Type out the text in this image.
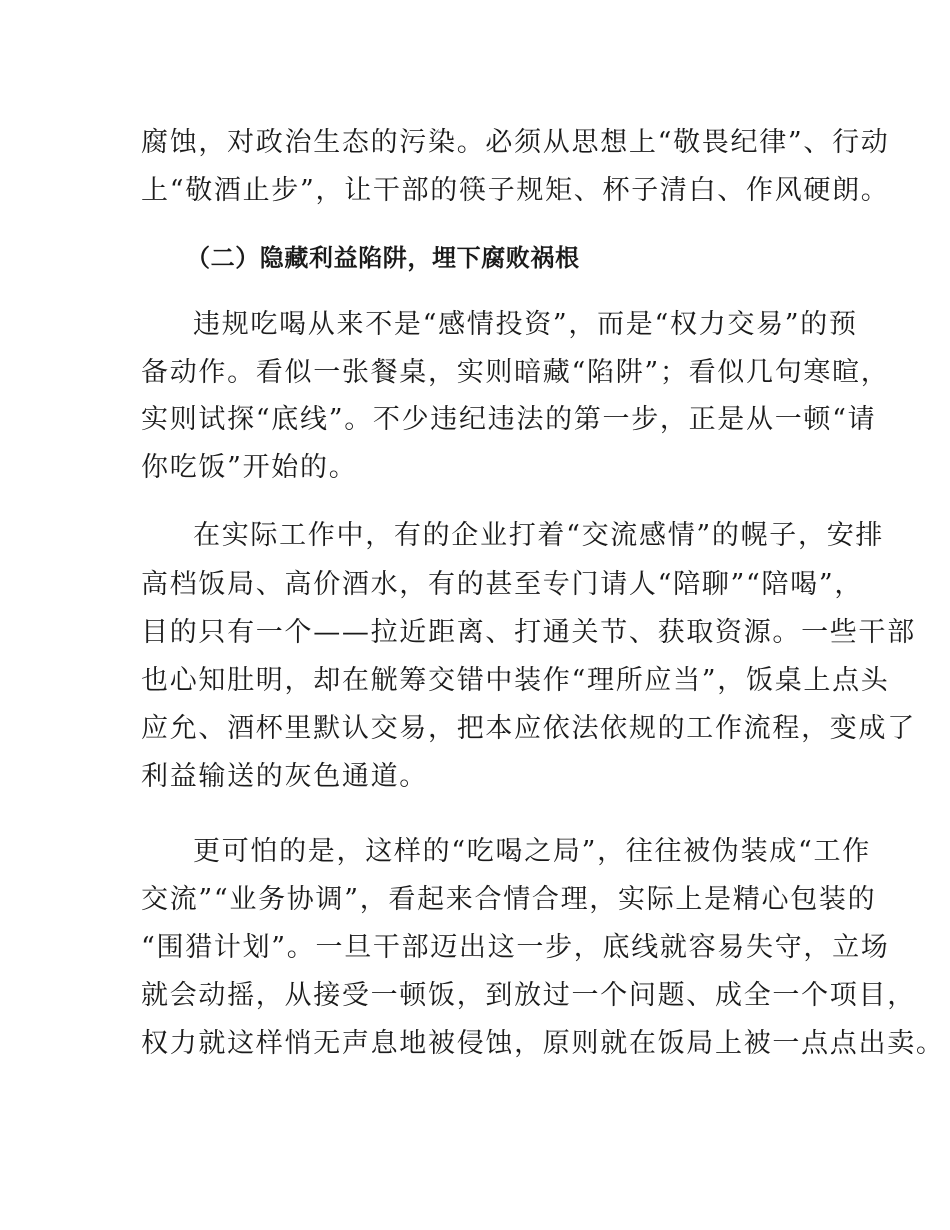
腐蚀，对政治生态的污染。必须从思想上“敬畏纪律”、行动
上“敬酒止步”，让干部的筷子规矩、杯子清白、作风硬朗。
（二）隐藏利益陷阱，埋下腐败祸根
违规吃喝从来不是“感情投资”，而是“权力交易”的预
备动作。看似一张餐桌，实则暗藏“陷阱”；看似几句寒暄，
实则试探“底线”。不少违纪违法的第一步，正是从一顿“请
你吃饭”开始的。
在实际工作中，有的企业打着“交流感情”的幌子，安排
高档饭局、高价酒水，有的甚至专门请人“陪聊”“陪喝”，
目的只有一个——拉近距离、打通关节、获取资源。一些干部
也心知肚明，却在觥筹交错中装作“理所应当”，饭桌上点头
应允、酒杯里默认交易，把本应依法依规的工作流程，变成了
利益输送的灰色通道。
更可怕的是，这样的“吃喝之局”，往往被伪装成“工作
交流”“业务协调”，看起来合情合理，实际上是精心包装的
“围猎计划”。一旦干部迈出这一步，底线就容易失守，立场
就会动摇，从接受一顿饭，到放过一个问题、成全一个项目，
权力就这样悄无声息地被侵蚀，原则就在饭局上被一点点出卖。
